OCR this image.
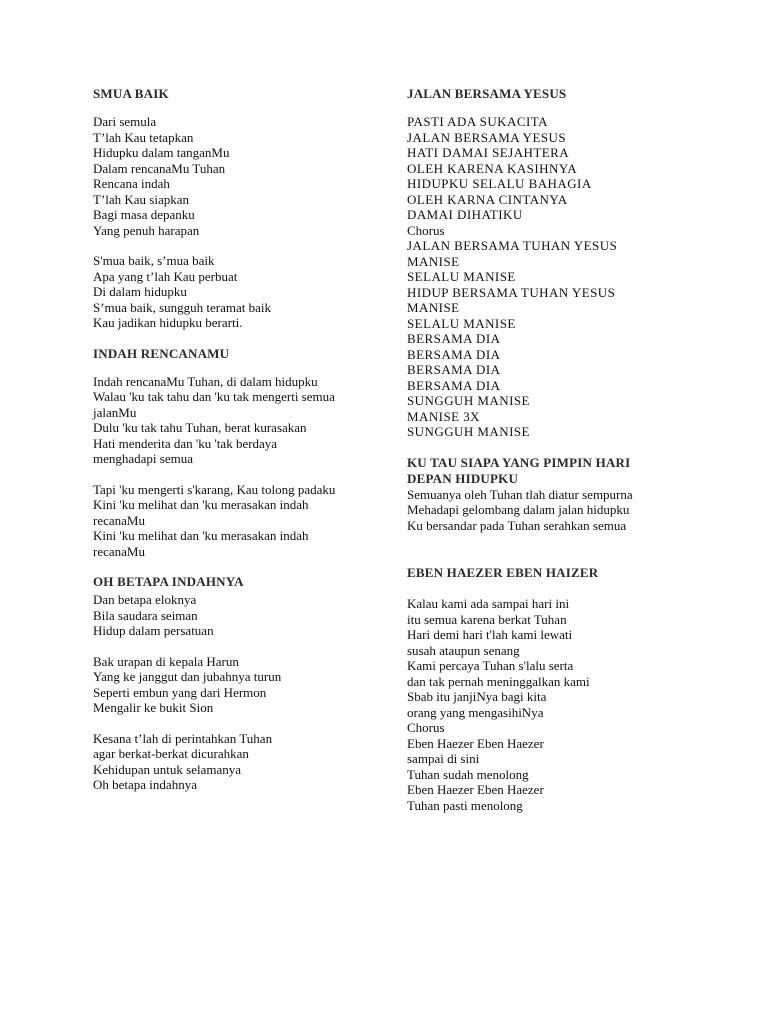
SMUA BAIK
Dari semula
T’lah Kau tetapkan
Hidupku dalam tanganMu
Dalam rencanaMu Tuhan
Rencana indah
T’lah Kau siapkan
Bagi masa depanku
Yang penuh harapan
S'mua baik, s’mua baik
Apa yang t’lah Kau perbuat
Di dalam hidupku
S’mua baik, sungguh teramat baik
Kau jadikan hidupku berarti.
INDAH RENCANAMU
Indah rencanaMu Tuhan, di dalam hidupku
Walau 'ku tak tahu dan 'ku tak mengerti semua
jalanMu
Dulu 'ku tak tahu Tuhan, berat kurasakan
Hati menderita dan 'ku 'tak berdaya
menghadapi semua
Tapi 'ku mengerti s'karang, Kau tolong padaku
Kini 'ku melihat dan 'ku merasakan indah
recanaMu
Kini 'ku melihat dan 'ku merasakan indah
recanaMu
OH BETAPA INDAHNYA
Dan betapa eloknya
Bila saudara seiman
Hidup dalam persatuan
Bak urapan di kepala Harun
Yang ke janggut dan jubahnya turun
Seperti embun yang dari Hermon
Mengalir ke bukit Sion
Kesana t’lah di perintahkan Tuhan
agar berkat-berkat dicurahkan
Kehidupan untuk selamanya
Oh betapa indahnya
JALAN BERSAMA YESUS
PASTI ADA SUKACITA
JALAN BERSAMA YESUS
HATI DAMAI SEJAHTERA
OLEH KARENA KASIHNYA
HIDUPKU SELALU BAHAGIA
OLEH KARNA CINTANYA
DAMAI DIHATIKU
Chorus
JALAN BERSAMA TUHAN YESUS
MANISE
SELALU MANISE
HIDUP BERSAMA TUHAN YESUS
MANISE
SELALU MANISE
BERSAMA DIA
BERSAMA DIA
BERSAMA DIA
BERSAMA DIA
SUNGGUH MANISE
MANISE 3X
SUNGGUH MANISE
KU TAU SIAPA YANG PIMPIN HARI
DEPAN HIDUPKU
Semuanya oleh Tuhan tlah diatur sempurna
Mehadapi gelombang dalam jalan hidupku
Ku bersandar pada Tuhan serahkan semua
EBEN HAEZER EBEN HAIZER
Kalau kami ada sampai hari ini
itu semua karena berkat Tuhan
Hari demi hari t'lah kami lewati
susah ataupun senang
Kami percaya Tuhan s'lalu serta
dan tak pernah meninggalkan kami
Sbab itu janjiNya bagi kita
orang yang mengasihiNya
Chorus
Eben Haezer Eben Haezer
sampai di sini
Tuhan sudah menolong
Eben Haezer Eben Haezer
Tuhan pasti menolong
